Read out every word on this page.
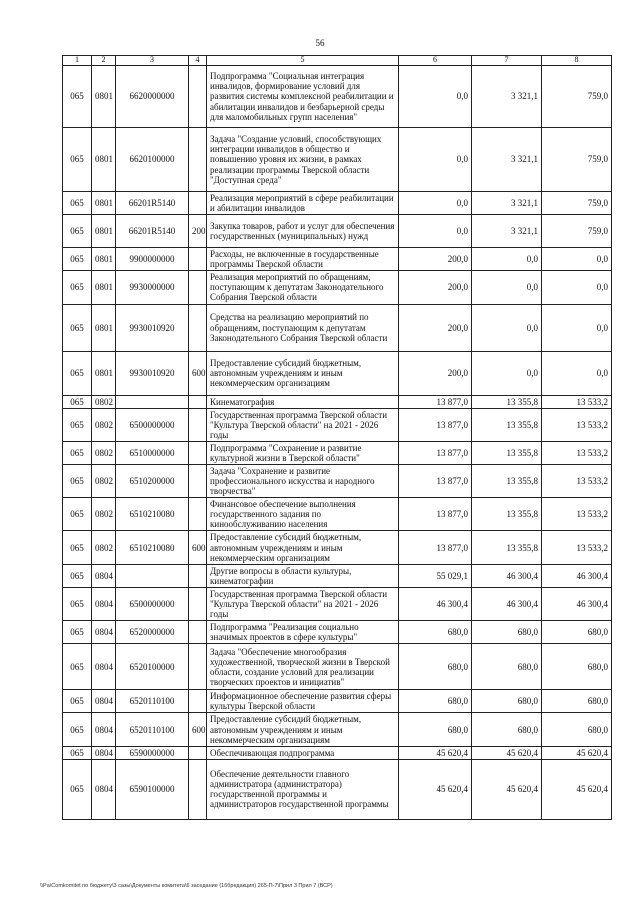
56
1	2	3	4	5	6	7	8
065	0801	6620000000		Подпрограмма "Социальная интеграция инвалидов, формирование условий для развития системы комплексной реабилитации и абилитации инвалидов и безбарьерной среды для маломобильных групп населения"	0,0	3 321,1	759,0
065	0801	6620100000		Задача "Создание условий, способствующих интеграции инвалидов в общество и повышению уровня их жизни, в рамках реализации программы Тверской области "Доступная среда"	0,0	3 321,1	759,0
065	0801	66201R5140		Реализация мероприятий в сфере реабилитации и абилитации инвалидов	0,0	3 321,1	759,0
065	0801	66201R5140	200	Закупка товаров, работ и услуг для обеспечения государственных (муниципальных) нужд	0,0	3 321,1	759,0
065	0801	9900000000		Расходы, не включенные в государственные программы Тверской области	200,0	0,0	0,0
065	0801	9930000000		Реализация мероприятий по обращениям, поступающим к депутатам Законодательного Собрания Тверской области	200,0	0,0	0,0
065	0801	9930010920		Средства на реализацию мероприятий по обращениям, поступающим к депутатам Законодательного Собрания Тверской области	200,0	0,0	0,0
065	0801	9930010920	600	Предоставление субсидий бюджетным, автономным учреждениям и иным некоммерческим организациям	200,0	0,0	0,0
065	0802			Кинематография	13 877,0	13 355,8	13 533,2
065	0802	6500000000		Государственная программа Тверской области "Культура Тверской области" на 2021 - 2026 годы	13 877,0	13 355,8	13 533,2
065	0802	6510000000		Подпрограмма "Сохранение и развитие культурной жизни в Тверской области"	13 877,0	13 355,8	13 533,2
065	0802	6510200000		Задача "Сохранение и развитие профессионального искусства и народного творчества"	13 877,0	13 355,8	13 533,2
065	0802	6510210080		Финансовое обеспечение выполнения государственного задания по кинообслуживанию населения	13 877,0	13 355,8	13 533,2
065	0802	6510210080	600	Предоставление субсидий бюджетным, автономным учреждениям и иным некоммерческим организациям	13 877,0	13 355,8	13 533,2
065	0804			Другие вопросы в области культуры, кинематографии	55 029,1	46 300,4	46 300,4
065	0804	6500000000		Государственная программа Тверской области "Культура Тверской области" на 2021 - 2026 годы	46 300,4	46 300,4	46 300,4
065	0804	6520000000		Подпрограмма "Реализация социально значимых проектов в сфере культуры"	680,0	680,0	680,0
065	0804	6520100000		Задача "Обеспечение многообразия художественной, творческой жизни в Тверской области, создание условий для реализации творческих проектов и инициатив"	680,0	680,0	680,0
065	0804	6520110100		Информационное обеспечение развития сферы культуры Тверской области	680,0	680,0	680,0
065	0804	6520110100	600	Предоставление субсидий бюджетным, автономным учреждениям и иным некоммерческим организациям	680,0	680,0	680,0
065	0804	6590000000		Обеспечивающая подпрограмма	45 620,4	45 620,4	45 620,4
065	0804	6590100000		Обеспечение деятельности главного администратора (администратора) государственной программы и администраторов государственной программы	45 620,4	45 620,4	45 620,4
\\Pa\Comkomitet по бюджету\3 сазы\Документы комитета\6 заседание (16бредакция) 265-П-7\Прил 3 Прил 7 (ВСР)
